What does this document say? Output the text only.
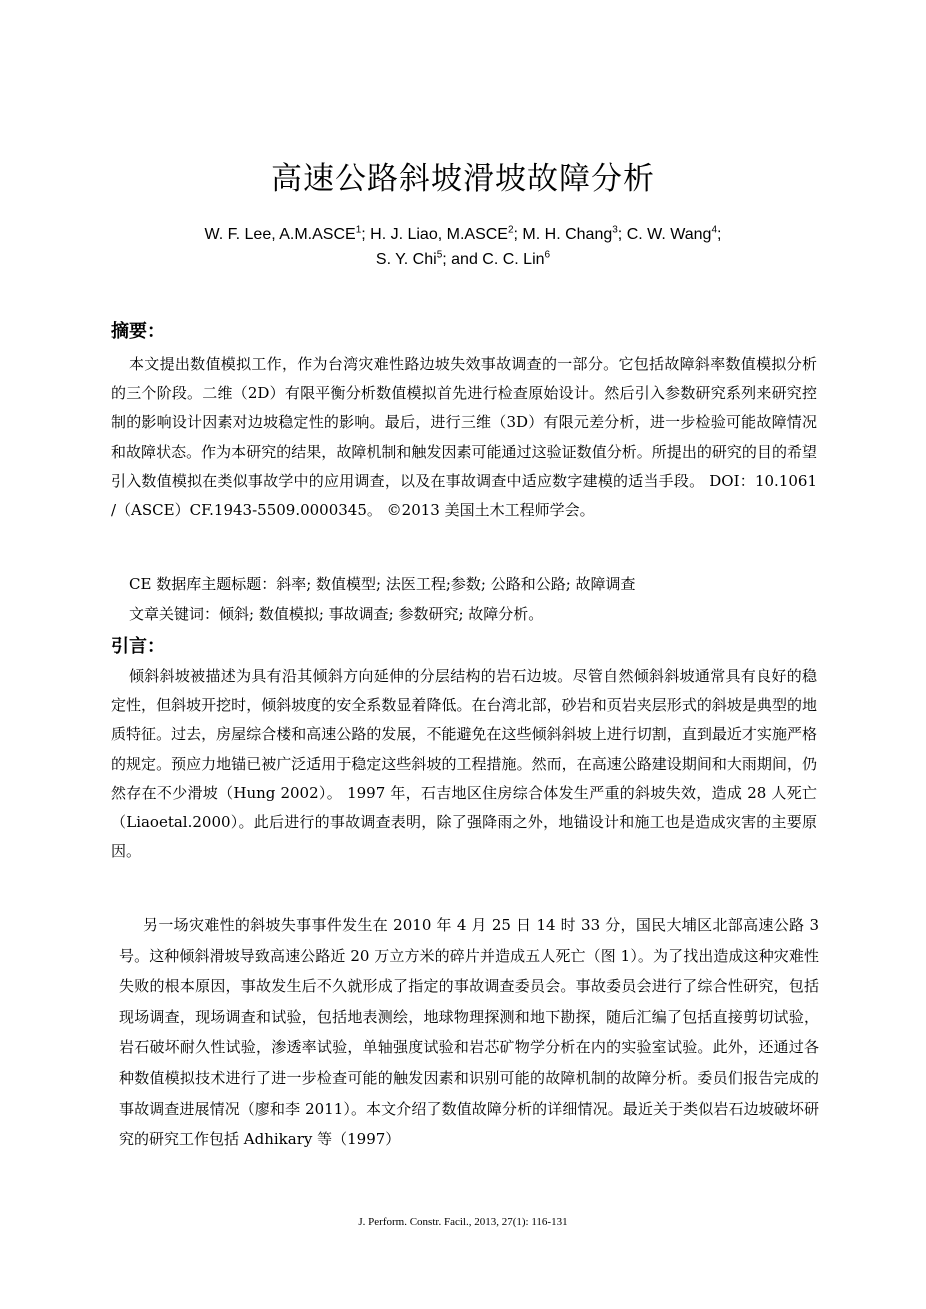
高速公路斜坡滑坡故障分析
W. F. Lee, A.M.ASCE$^1$; H. J. Liao, M.ASCE$^2$; M. H. Chang$^3$; C. W. Wang$^4$;
S. Y. Chi$^5$; and C. C. Lin$^6$
摘要：
本文提出数值模拟工作，作为台湾灾难性路边坡失效事故调查的一部分。它包括故障斜率数值模拟分析的三个阶段。二维（2D）有限平衡分析数值模拟首先进行检查原始设计。然后引入参数研究系列来研究控制的影响设计因素对边坡稳定性的影响。最后，进行三维（3D）有限元差分析，进一步检验可能故障情况和故障状态。作为本研究的结果，故障机制和触发因素可能通过这验证数值分析。所提出的研究的目的希望引入数值模拟在类似事故学中的应用调查，以及在事故调查中适应数字建模的适当手段。 DOI：10.1061 /（ASCE）CF.1943-5509.0000345。 ©2013 美国土木工程师学会。
CE 数据库主题标题：斜率; 数值模型; 法医工程;参数; 公路和公路; 故障调查
文章关键词：倾斜; 数值模拟; 事故调查; 参数研究; 故障分析。
引言：
倾斜斜坡被描述为具有沿其倾斜方向延伸的分层结构的岩石边坡。尽管自然倾斜斜坡通常具有良好的稳定性，但斜坡开挖时，倾斜坡度的安全系数显着降低。在台湾北部，砂岩和页岩夹层形式的斜坡是典型的地质特征。过去，房屋综合楼和高速公路的发展，不能避免在这些倾斜斜坡上进行切割，直到最近才实施严格的规定。预应力地锚已被广泛适用于稳定这些斜坡的工程措施。然而，在高速公路建设期间和大雨期间，仍然存在不少滑坡（Hung 2002）。 1997 年，石吉地区住房综合体发生严重的斜坡失效，造成 28 人死亡（Liaoetal.2000）。此后进行的事故调查表明，除了强降雨之外，地锚设计和施工也是造成灾害的主要原因。
另一场灾难性的斜坡失事事件发生在 2010 年 4 月 25 日 14 时 33 分，国民大埔区北部高速公路 3 号。这种倾斜滑坡导致高速公路近 20 万立方米的碎片并造成五人死亡（图 1）。为了找出造成这种灾难性失败的根本原因，事故发生后不久就形成了指定的事故调查委员会。事故委员会进行了综合性研究，包括现场调查，现场调查和试验，包括地表测绘，地球物理探测和地下勘探，随后汇编了包括直接剪切试验，岩石破坏耐久性试验，渗透率试验，单轴强度试验和岩芯矿物学分析在内的实验室试验。此外，还通过各种数值模拟技术进行了进一步检查可能的触发因素和识别可能的故障机制的故障分析。委员们报告完成的事故调查进展情况（廖和李 2011）。本文介绍了数值故障分析的详细情况。最近关于类似岩石边坡破坏研究的研究工作包括 Adhikary 等（1997）
J. Perform. Constr. Facil., 2013, 27(1): 116-131
